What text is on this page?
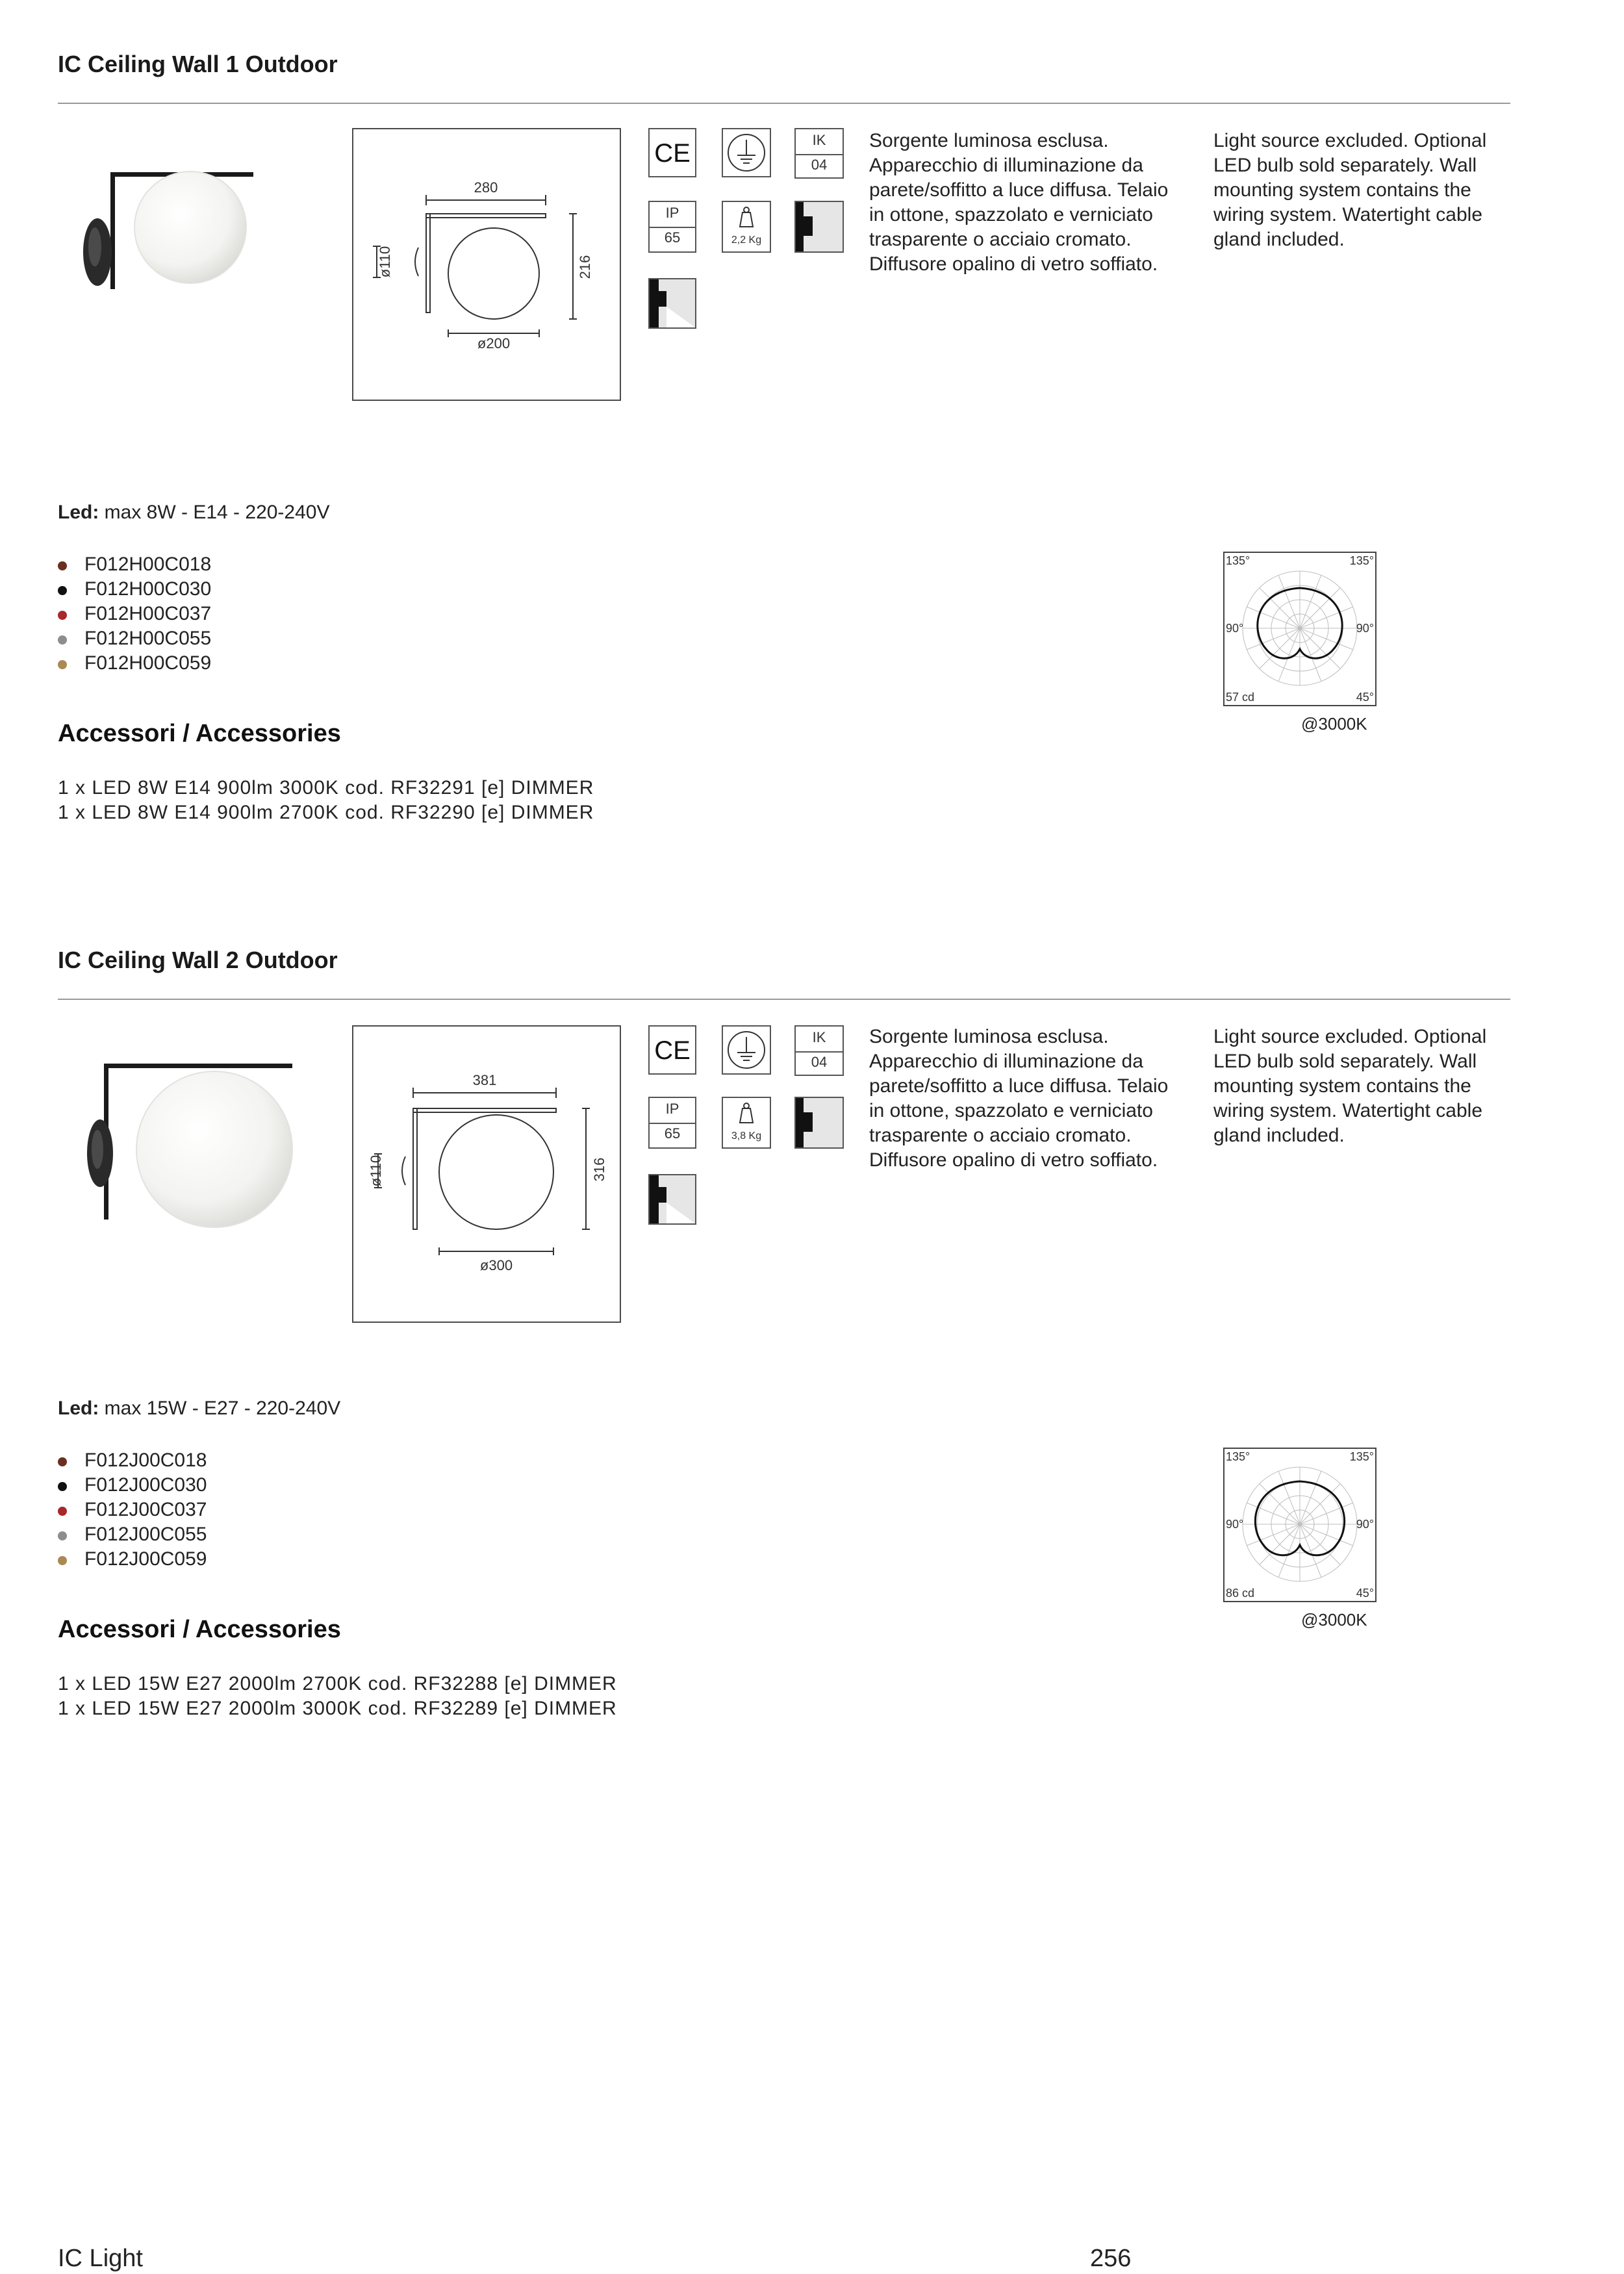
IC Ceiling Wall 1 Outdoor
280
ø110	216
ø200
CE	IK
04
IP
65	2,2 Kg
Sorgente luminosa esclusa. Apparecchio di illuminazione da parete/soffitto a luce diffusa. Telaio in ottone, spazzolato e verniciato trasparente o acciaio cromato. Diffusore opalino di vetro soffiato.
Light source excluded. Optional LED bulb sold separately. Wall mounting system contains the wiring system. Watertight cable gland included.
Led: max 8W - E14 - 220-240V
F012H00C018
F012H00C030
F012H00C037
F012H00C055
F012H00C059
Accessori / Accessories
1 x LED 8W E14 900lm 3000K cod. RF32291 [e] DIMMER
1 x LED 8W E14 900lm 2700K cod. RF32290 [e] DIMMER
135°	135°
90°	90°
57 cd	45°
@3000K
IC Ceiling Wall 2 Outdoor
381
ø110	316
ø300
CE	IK
04
IP
65	3,8 Kg
Sorgente luminosa esclusa. Apparecchio di illuminazione da parete/soffitto a luce diffusa. Telaio in ottone, spazzolato e verniciato trasparente o acciaio cromato. Diffusore opalino di vetro soffiato.
Light source excluded. Optional LED bulb sold separately. Wall mounting system contains the wiring system. Watertight cable gland included.
Led: max 15W - E27 - 220-240V
F012J00C018
F012J00C030
F012J00C037
F012J00C055
F012J00C059
Accessori / Accessories
1 x LED 15W E27 2000lm 2700K cod. RF32288 [e] DIMMER
1 x LED 15W E27 2000lm 3000K cod. RF32289 [e] DIMMER
135°	135°
90°	90°
86 cd	45°
@3000K
IC Light	256
